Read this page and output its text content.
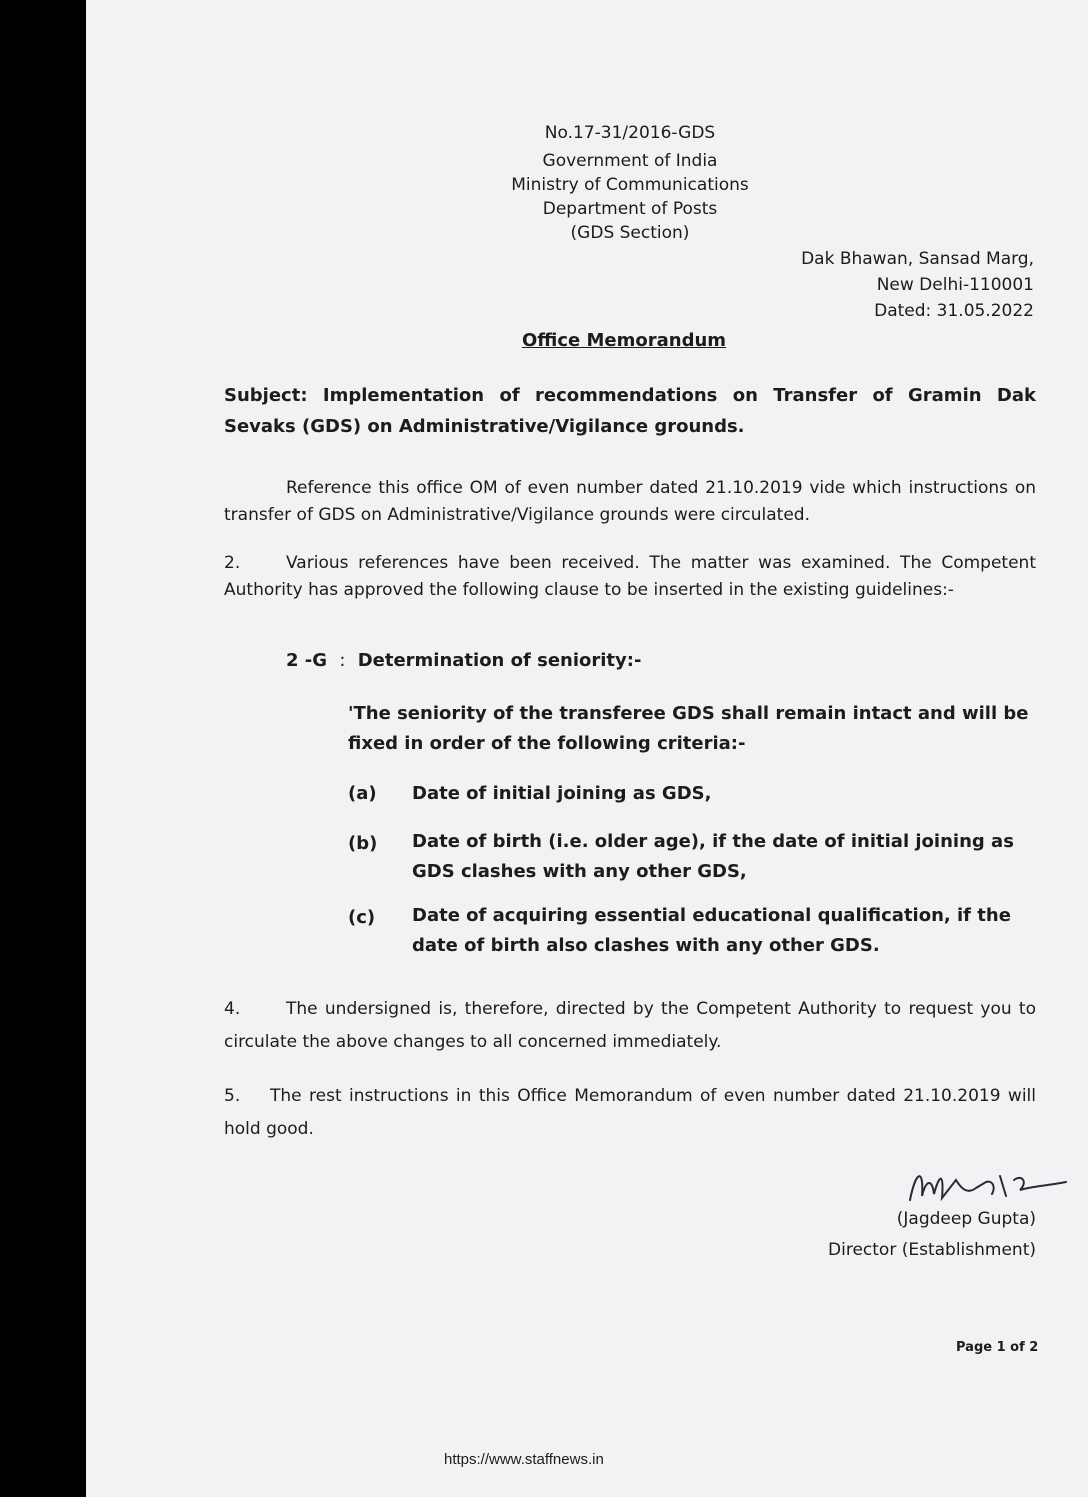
No.17-31/2016-GDS
Government of India
Ministry of Communications
Department of Posts
(GDS Section)
Dak Bhawan, Sansad Marg,
New Delhi-110001
Dated: 31.05.2022
Office Memorandum
Subject: Implementation of recommendations on Transfer of Gramin Dak Sevaks (GDS) on Administrative/Vigilance grounds.
Reference this office OM of even number dated 21.10.2019 vide which instructions on transfer of GDS on Administrative/Vigilance grounds were circulated.
2.	Various references have been received. The matter was examined. The Competent Authority has approved the following clause to be inserted in the existing guidelines:-
2 -G : Determination of seniority:-
'The seniority of the transferee GDS shall remain intact and will be fixed in order of the following criteria:-
(a)	Date of initial joining as GDS,
(b)	Date of birth (i.e. older age), if the date of initial joining as GDS clashes with any other GDS,
(c)	Date of acquiring essential educational qualification, if the date of birth also clashes with any other GDS.
4.	The undersigned is, therefore, directed by the Competent Authority to request you to circulate the above changes to all concerned immediately.
5. The rest instructions in this Office Memorandum of even number dated 21.10.2019 will hold good.
(Jagdeep Gupta)
Director (Establishment)
Page 1 of 2
https://www.staffnews.in
